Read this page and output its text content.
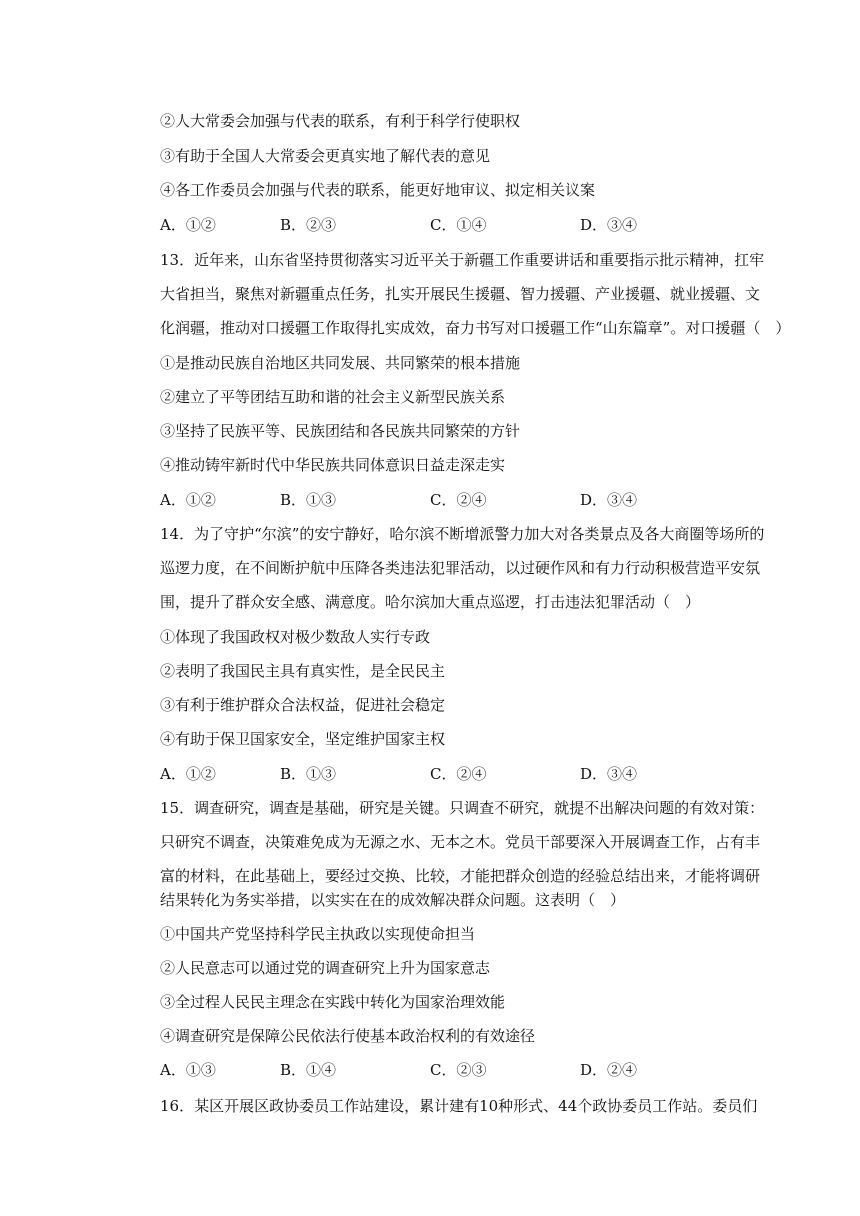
②人大常委会加强与代表的联系，有利于科学行使职权
③有助于全国人大常委会更真实地了解代表的意见
④各工作委员会加强与代表的联系，能更好地审议、拟定相关议案
A．①②	B．②③	C．①④	D．③④
13．近年来，山东省坚持贯彻落实习近平关于新疆工作重要讲话和重要指示批示精神，扛牢
大省担当，聚焦对新疆重点任务，扎实开展民生援疆、智力援疆、产业援疆、就业援疆、文
化润疆，推动对口援疆工作取得扎实成效，奋力书写对口援疆工作“山东篇章”。对口援疆（　）
①是推动民族自治地区共同发展、共同繁荣的根本措施
②建立了平等团结互助和谐的社会主义新型民族关系
③坚持了民族平等、民族团结和各民族共同繁荣的方针
④推动铸牢新时代中华民族共同体意识日益走深走实
A．①②	B．①③	C．②④	D．③④
14．为了守护“尔滨”的安宁静好，哈尔滨不断增派警力加大对各类景点及各大商圈等场所的
巡逻力度，在不间断护航中压降各类违法犯罪活动，以过硬作风和有力行动积极营造平安氛
围，提升了群众安全感、满意度。哈尔滨加大重点巡逻，打击违法犯罪活动（　）
①体现了我国政权对极少数敌人实行专政
②表明了我国民主具有真实性，是全民民主
③有利于维护群众合法权益，促进社会稳定
④有助于保卫国家安全，坚定维护国家主权
A．①②	B．①③	C．②④	D．③④
15．调查研究，调查是基础，研究是关键。只调查不研究，就提不出解决问题的有效对策：
只研究不调查，决策难免成为无源之水、无本之木。党员干部要深入开展调查工作，占有丰
富的材料，在此基础上，要经过交换、比较，才能把群众创造的经验总结出来，才能将调研
结果转化为务实举措，以实实在在的成效解决群众问题。这表明（　）
①中国共产党坚持科学民主执政以实现使命担当
②人民意志可以通过党的调查研究上升为国家意志
③全过程人民民主理念在实践中转化为国家治理效能
④调查研究是保障公民依法行使基本政治权利的有效途径
A．①③	B．①④	C．②③	D．②④
16．某区开展区政协委员工作站建设，累计建有10种形式、44个政协委员工作站。委员们
